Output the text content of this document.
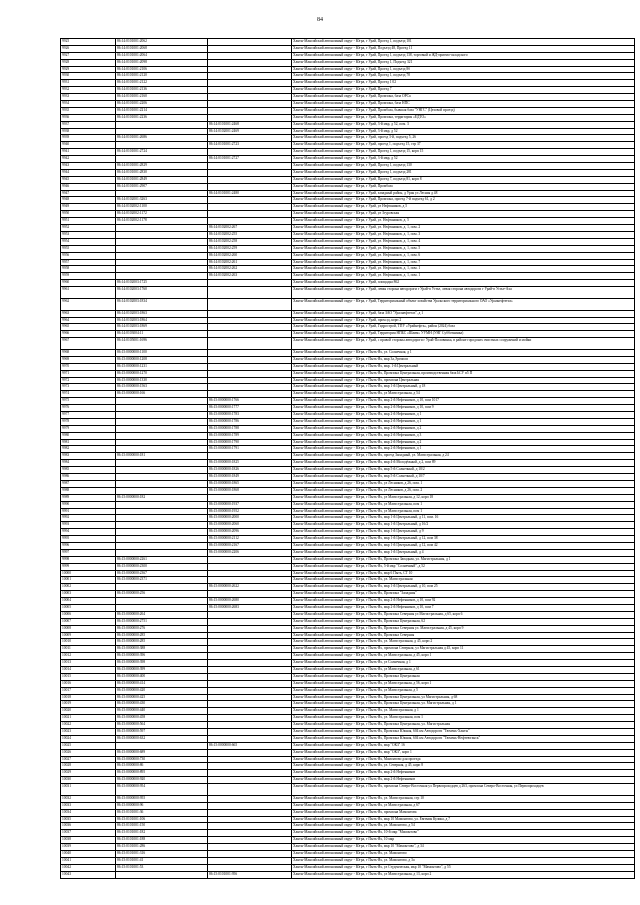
84
9925	86:14:0101001:2062		Ханты-Мансийский автономный округ - Югра, г Урай, Проезд 1, подъезд 101
9926	86:14:0101001:2068		Ханты-Мансийский автономный округ - Югра, г Урай, Подъезд 48, Проезд 11
9927	86:14:0101001:2064		Ханты-Мансийский автономный округ - Югра, г Урай, Проезд 1, подъезд 138, торговый и ЖД-приемо-складского
9928	86:14:0101001:2098		Ханты-Мансийский автономный округ - Югра, г Урай, Проезд 1, Подъезд 321
9929	86:14:0101001:2106		Ханты-Мансийский автономный округ - Югра, г Урай, Проезд 1, подъезд 8б
9930	86:14:0101001:2120		Ханты-Мансийский автономный округ - Югра, г Урай, Проезд 1, подъезд 78
9931	86:14:0101001:2122		Ханты-Мансийский автономный округ - Югра, г Урай, Проезд 1 02
9932	86:14:0101001:2136		Ханты-Мансийский автономный округ - Югра, г Урай, Проезд 7
9933	86:14:0101001:2160		Ханты-Мансийский автономный округ - Югра, г Урай, Промзона, база ОРСа
9934	86:14:0101001:2206		Ханты-Мансийский автономный округ - Югра, г Урай, Промзона, база НПС
9935	86:14:0101001:2214		Ханты-Мансийский автономный округ - Югра, г Урай, Промбаза, бывшая база "УНГС" (Цеховой проезд)
9936	86:14:0101001:2236		Ханты-Мансийский автономный округ - Югра, г Урай, Промзона, территория «ЕДТО»
9937		86:14:0101001:2468	Ханты-Мансийский автономный округ - Югра, г Урай, 3-й мкр, д 52, пом. 3
9938		86:14:0102001:2469	Ханты-Мансийский автономный округ - Югра, г Урай, 3-й мкр, д 52
9939	86:14:0101001:2686		Ханты-Мансийский автономный округ - Югра, г Урай, проезд 3-й, подъезд 5, 26
9940		86:14:0101001:2723	Ханты-Мансийский автономный округ - Югра, г Урай, проезд 1, подъезд 15, стр 37
9941	86:14:0101001:2724		Ханты-Мансийский автономный округ - Югра, г Урай, Проезд 1, подъезд 15, корп 15
9942		86:14:0101001:2727	Ханты-Мансийский автономный округ - Югра, г Урай, 3-й мкр, д 52
9943	86:14:0101001:2829		Ханты-Мансийский автономный округ - Югра, г Урай, Проезд 1, подъезд 130
9944	86:14:0101001:2830		Ханты-Мансийский автономный округ - Югра, г Урай, Проезд 1, подъезд 281
9945	86:14:0101001:2849		Ханты-Мансийский автономный округ - Югра, г Урай, Проезд 7, подъезд 81, корп 8
9946	86:14:0101001:2907		Ханты-Мансийский автономный округ - Югра, г Урай, Промбаза
9947		86:14:0101001:2480	Ханты-Мансийский автономный округ - Югра, г Урай, западный район, д Урая ул Лесная д 48
9948	86:14:0102001:3263		Ханты-Мансийский автономный округ - Югра, г Урай, Промзона, проезд 7-й подъезд 61, д 2
9949	86:14:0102002:1100		Ханты-Мансийский автономный округ - Югра, г Урай, ул Нефтяников, д 5
9950	86:14:0102002:1172		Ханты-Мансийский автономный округ - Югра, г Урай, ул Згуровская
9951	86:14:0102002:1178		Ханты-Мансийский автономный округ - Югра, г Урай, ул. Нефтяников, д. 5
9952		86:14:0102002:267	Ханты-Мансийский автономный округ - Югра, г Урай, ул. Нефтяников, д. 1, пом. 2
9953		86:14:0102002:255	Ханты-Мансийский автономный округ - Югра, г Урай, ул. Нефтяников, д. 1, пом. 3
9954		86:14:0102002:258	Ханты-Мансийский автономный округ - Югра, г Урай, ул. Нефтяников, д. 1, пом. 4
9955		86:14:0102002:259	Ханты-Мансийский автономный округ - Югра, г Урай, ул. Нефтяников, д. 1, пом. 5
9956		86:14:0102002:260	Ханты-Мансийский автономный округ - Югра, г Урай, ул. Нефтяников, д. 1, пом. 6
9957		86:14:0102002:261	Ханты-Мансийский автономный округ - Югра, г Урай, ул. Нефтяников, д. 1, пом. 7
9958		86:14:0102002:262	Ханты-Мансийский автономный округ - Югра, г Урай, ул. Нефтяников, д. 1, пом. 1
9959		86:14:0102002:263	Ханты-Мансийский автономный округ - Югра, г Урай, ул. Нефтяников, д. 1, пом. 1
9960	86:14:0102003:1725		Ханты-Мансийский автономный округ - Югра, г Урай, площадка 862
9961	86:14:0102003:1760		Ханты-Мансийский автономный округ - Югра, г Урай, левая сторона автодороги г Урай-п Устье, левая сторона автодороги г Урай-п Устье-Аха
9962	86:14:0102003:1834		Ханты-Мансийский автономный округ - Югра, г Урай, Территориальный объект хозяйства Уральского территориального ОАО «Уралнефтегаз»
9963	86:14:0102003:1863		Ханты-Мансийский автономный округ - Югра, г Урай, база ЗАО "Уралнефтегаз", д 1
9964	86:14:0102003:1864		Ханты-Мансийский автономный округ - Югра, г Урай, пром.зд, корп 2
9965	86:14:0102003:1869		Ханты-Мансийский автономный округ - Югра, г Урай, Гидрострой, ТПУ «Урайнефть», район (2024) база
9966	86:14:0103004:11		Ханты-Мансийский автономный округ - Югра, г Урай, Территория НПБС «Шаим» УУМН (УНГ Субботнинка)
9967	86:14:0105001:1696		Ханты-Мансийский автономный округ - Югра, г Урай, с правой стороны автодороги г Урай-Половинка, в районе городских очистных сооружений и мойки
9968	86:15:0000000:1100		Ханты-Мансийский автономный округ - Югра, г Пыть-Ях, ул. Солнечная, д 1
9969	86:15:0000000:1208		Ханты-Мансийский автономный округ - Югра, г Пыть-Ях, мкр 3а,Эргипоп
9970	86:15:0000000:1231		Ханты-Мансийский автономный округ - Югра, г Пыть-Ях, мкр. 1-й Центральный
9971	86:15:0000000:1270		Ханты-Мансийский автономный округ - Югра, г Пыть-Ях, Промзона Центральная, производственная база ЬСУ п5 П
9972	86:15:0000000:1330		Ханты-Мансийский автономный округ - Югра, г Пыть-Ях, промзона Центральная
9973	86:15:0000000:1563		Ханты-Мансийский автономный округ - Югра, г Пыть-Ях, мкр 1-й Центральный, д 18
9974	86:15:0000000:166		Ханты-Мансийский автономный округ - Югра, г Пыть-Ях, ул Магистральная, д 54
9975		86:15:0000000:1766	Ханты-Мансийский автономный округ - Югра, г Пыть-Ях, мкр 2-й Нефтяников, д 10, пом 1017
9976		86:15:0000000:1777	Ханты-Мансийский автономный округ - Югра, г Пыть-Ях, мкр 2-й Нефтяников, д 10, пом 9
9977		86:15:0000000:1783	Ханты-Мансийский автономный округ - Югра, г Пыть-Ях, мкр 2-й Нефтяников, д 1
9978		86:15:0000000:1786	Ханты-Мансийский автономный округ - Югра, г Пыть-Ях, мкр 2-й Нефтяников, д 1
9979		86:15:0000000:1788	Ханты-Мансийский автономный округ - Югра, г Пыть-Ях, мкр 2-й Нефтяников, д 2
9980		86:15:0000000:1789	Ханты-Мансийский автономный округ - Югра, г Пыть-Ях, мкр 2-й Нефтяников, д 3
9981		86:15:0000000:1790	Ханты-Мансийский автономный округ - Югра, г Пыть-Ях, мкр 2-й Нефтяников, д 2
9982		86:15:0000000:1791	Ханты-Мансийский автономный округ - Югра, г Пыть-Ях, мкр 2-й Нефтяников, д 1
9983	86:15:0000000:181		Ханты-Мансийский автономный округ - Югра, г Пыть-Ях, проезд Западный, ул. Магистральная, д 24
9984		86:15:0000000:1825	Ханты-Мансийский автономный округ - Югра, г Пыть-Ях, мкр 4-й Молодёжный, д 2, пом 89
9985		86:15:0000000:1826	Ханты-Мансийский автономный округ - Югра, г Пыть-Ях, мкр 5-й Солнечный, д 10/2
9986		86:15:0000000:1849	Ханты-Мансийский автономный округ - Югра, г Пыть-Ях, мкр 5-й Солнечный, д 10/7
9987		86:15:0000000:1865	Ханты-Мансийский автономный округ - Югра, г Пыть-Ях, ул Лесников, д 26, пом. 1
9988		86:15:0000000:1868	Ханты-Мансийский автономный округ - Югра, г Пыть-Ях, ул Лесников, д 26, пом. 2
9989	86:15:0000000:182		Ханты-Мансийский автономный округ - Югра, г Пыть-Ях, ул Магистральная, д 12, корп 18
9990		86:15:0000000:1937	Ханты-Мансийский автономный округ - Югра, г Пыть-Ях, ул Магистральная, пом 1
9991		86:15:0000000:1952	Ханты-Мансийский автономный округ - Югра, г Пыть-Ях, ул Магистральная, пом 1
9992		86:15:0000000:2000	Ханты-Мансийский автономный округ - Югра, г Пыть-Ях, мкр 1-й Центральный, д 11, пом. 16
9993		86:15:0000000:2060	Ханты-Мансийский автономный округ - Югра, г Пыть-Ях, мкр 1-й Центральный, д 16/2
9994		86:15:0000000:2096	Ханты-Мансийский автономный округ - Югра, г Пыть-Ях, мкр 1-й Центральный, д 9
9995		86:15:0000000:2112	Ханты-Мансийский автономный округ - Югра, г Пыть-Ях, мкр 1-й Центральный, д 12, пом 38
9996		86:15:0000000:2167	Ханты-Мансийский автономный округ - Югра, г Пыть-Ях, мкр 1-й Центральный, д 12, пом 42
9997		86:15:0000000:2206	Ханты-Мансийский автономный округ - Югра, г Пыть-Ях, мкр 1-й Центральный, д 4
9998	86:15:0000000:2261		Ханты-Мансийский автономный округ - Югра, г Пыть-Ях, Промзона Западная, ул. Магистральная, д 1
9999	86:15:0000000:2300		Ханты-Мансийский автономный округ - Югра, г Пыть-Ях, 5-й мкр "Солнечный", д 52
10000	86:15:0000000:2367		Ханты-Мансийский автономный округ - Югра, г Пыть-Ях, мкр 6 Пыть, СТ 10
10001	86:15:0000000:2371		Ханты-Мансийский автономный округ - Югра, г Пыть-Ях, ул. Магистральная
10002		86:15:0000000:2622	Ханты-Мансийский автономный округ - Югра, г Пыть-Ях, мкр 1-й Центральный, д 10, пом 25
10003	86:15:0000000:256		Ханты-Мансийский автономный округ - Югра, г Пыть-Ях, Промзона "Западная"
10004		86:15:0000000:2680	Ханты-Мансийский автономный округ - Югра, г Пыть-Ях, мкр 2-й Нефтяников, д 10, пом 92
10005		86:15:0000000:2683	Ханты-Мансийский автономный округ - Югра, г Пыть-Ях, мкр 2-й Нефтяников, д 10, пом 7
10006	86:15:0000000:264		Ханты-Мансийский автономный округ - Югра, г Пыть-Ях, Промзона Северная ул Магистральная, д 65, корп 6
10007	86:15:0000000:2751		Ханты-Мансийский автономный округ - Югра, г Пыть-Ях, Промзона Центральная, 62
10008	86:15:0000000:276		Ханты-Мансийский автономный округ - Югра, г Пыть-Ях, Промзона Северная ул. Магистральная, д 45, корп 9
10009	86:15:0000000:285		Ханты-Мансийский автономный округ - Югра, г Пыть-Ях, Промзона Северная
10010	86:15:0000000:285		Ханты-Мансийский автономный округ - Югра, г Пыть-Ях, ул. Магистральная, д 45, корп 2
10011	86:15:0000000:388		Ханты-Мансийский автономный округ - Югра, г Пыть-Ях, промзона Северная, ул Магистральная д 45, корп 11
10012	86:15:0000000:396		Ханты-Мансийский автономный округ - Югра, г Пыть-Ях, ул Магистральная, д 45, корп 1
10013	86:15:0000000:398		Ханты-Мансийский автономный округ - Югра, г Пыть-Ях, ул Солнечная, д 1
10014	86:15:0000000:399		Ханты-Мансийский автономный округ - Югра, г Пыть-Ях, ул Магистральная, д 61
10015	86:15:0000000:400		Ханты-Мансийский автономный округ - Югра, г Пыть-Ях, Промзона Центральная
10016	86:15:0000000:414		Ханты-Мансийский автономный округ - Югра, г Пыть-Ях, ул Магистральная, д 56, корп 1
10017	86:15:0000000:420		Ханты-Мансийский автономный округ - Югра, г Пыть-Ях, ул Магистральная, д 5
10018	86:15:0000000:425		Ханты-Мансийский автономный округ - Югра, г Пыть-Ях, Промзона Центральная, ул Магистральная, д 68
10019	86:15:0000000:430		Ханты-Мансийский автономный округ - Югра, г Пыть-Ях, Промзона Центральная, ул. Магистральная, д 1
10020	86:15:0000000:440		Ханты-Мансийский автономный округ - Югра, г Пыть-Ях, ул. Магистральная, д 1
10021	86:15:0000000:458		Ханты-Мансийский автономный округ - Югра, г Пыть-Ях, ул. Магистральная, пом 1
10022	86:15:0000000:564		Ханты-Мансийский автономный округ - Югра, г Пыть-Ях, Промзона Центральная, ул. Магистральная
10023	86:15:0000000:597		Ханты-Мансийский автономный округ - Югра, г Пыть-Ях, Промзона Южная, 604 км Автодороги "Тюмень-Ханты"
10024	86:15:0000000:632		Ханты-Мансийский автономный округ - Югра, г Пыть-Ях, Промзона Южная, 604 км Автодороги "Тюмень-Нефтеюганск"
10025		86:15:0000000:665	Ханты-Мансийский автономный округ - Югра, г Пыть-Ях, мкр "ОКЗ" 16
10026	86:15:0000000:689		Ханты-Мансийский автономный округ - Югра, г Пыть-Ях, мкр "ОКЗ", корп 1
10027	86:15:0000000:730		Ханты-Мансийский автономный округ - Югра, г Пыть-Ях, Мамонтово для проезда
10028	86:15:0000000:86		Ханты-Мансийский автономный округ - Югра, г Пыть-Ях, ул. Северная, д 45, корп 8
10029	86:15:0000000:895		Ханты-Мансийский автономный округ - Югра, г Пыть-Ях, мкр 2-й Нефтяников
10030	86:15:0000000:920		Ханты-Мансийский автономный округ - Югра, г Пыть-Ях, мкр 2-й Нефтяников
10031	86:15:0000000:954		Ханты-Мансийский автономный округ - Югра, г Пыть-Ях, промзона Северо-Восточная ул Первопроходцев д 263, промзона Северо-Восточная, ул Первопроходцев
10032	86:15:0000000:955		Ханты-Мансийский автономный округ - Югра, г Пыть-Ях, ул. Магистральная, стр 10
10033	86:15:0000000:96		Ханты-Мансийский автономный округ - Югра, г Пыть-Ях, ул Магистральная, д 67
10034	86:15:0101001:36		Ханты-Мансийский автономный округ - Югра, г Пыть-Ях, промзона Мамонтова
10035	86:15:0101001:106		Ханты-Мансийский автономный округ - Югра, г Пыть-Ях, мкр 10 Мамонтово, ул. Евгения Кулика, д 7
10036	86:15:0101001:150		Ханты-Мансийский автономный округ - Югра, г Пыть-Ях, ул. Мамонтово, д 54
10037	86:15:0101001:182		Ханты-Мансийский автономный округ - Югра, г Пыть-Ях, 10-й мкр "Мамонтово"
10038	86:15:0101001:188		Ханты-Мансийский автономный округ - Югра, г Пыть-Ях, 10 мкр
10039	86:15:0101001:286		Ханты-Мансийский автономный округ - Югра, г Пыть-Ях, мкр 10 "Мамонтово", д 34
10040	86:15:0101001:316		Ханты-Мансийский автономный округ - Югра, г Пыть-Ях, ул. Мамонтово
10041	86:15:0101001:41		Ханты-Мансийский автономный округ - Югра, г Пыть-Ях, ул. Мамонтово, д 3а
10042	86:15:0101001:53		Ханты-Мансийский автономный округ - Югра, г Пыть-Ях, ул Студенческая, мкр 10 "Мамонтово", д 55
10043		86:15:0101001:956	Ханты-Мансийский автономный округ - Югра, г Пыть-Ях, ул Магистральная, д 13, корп 2
